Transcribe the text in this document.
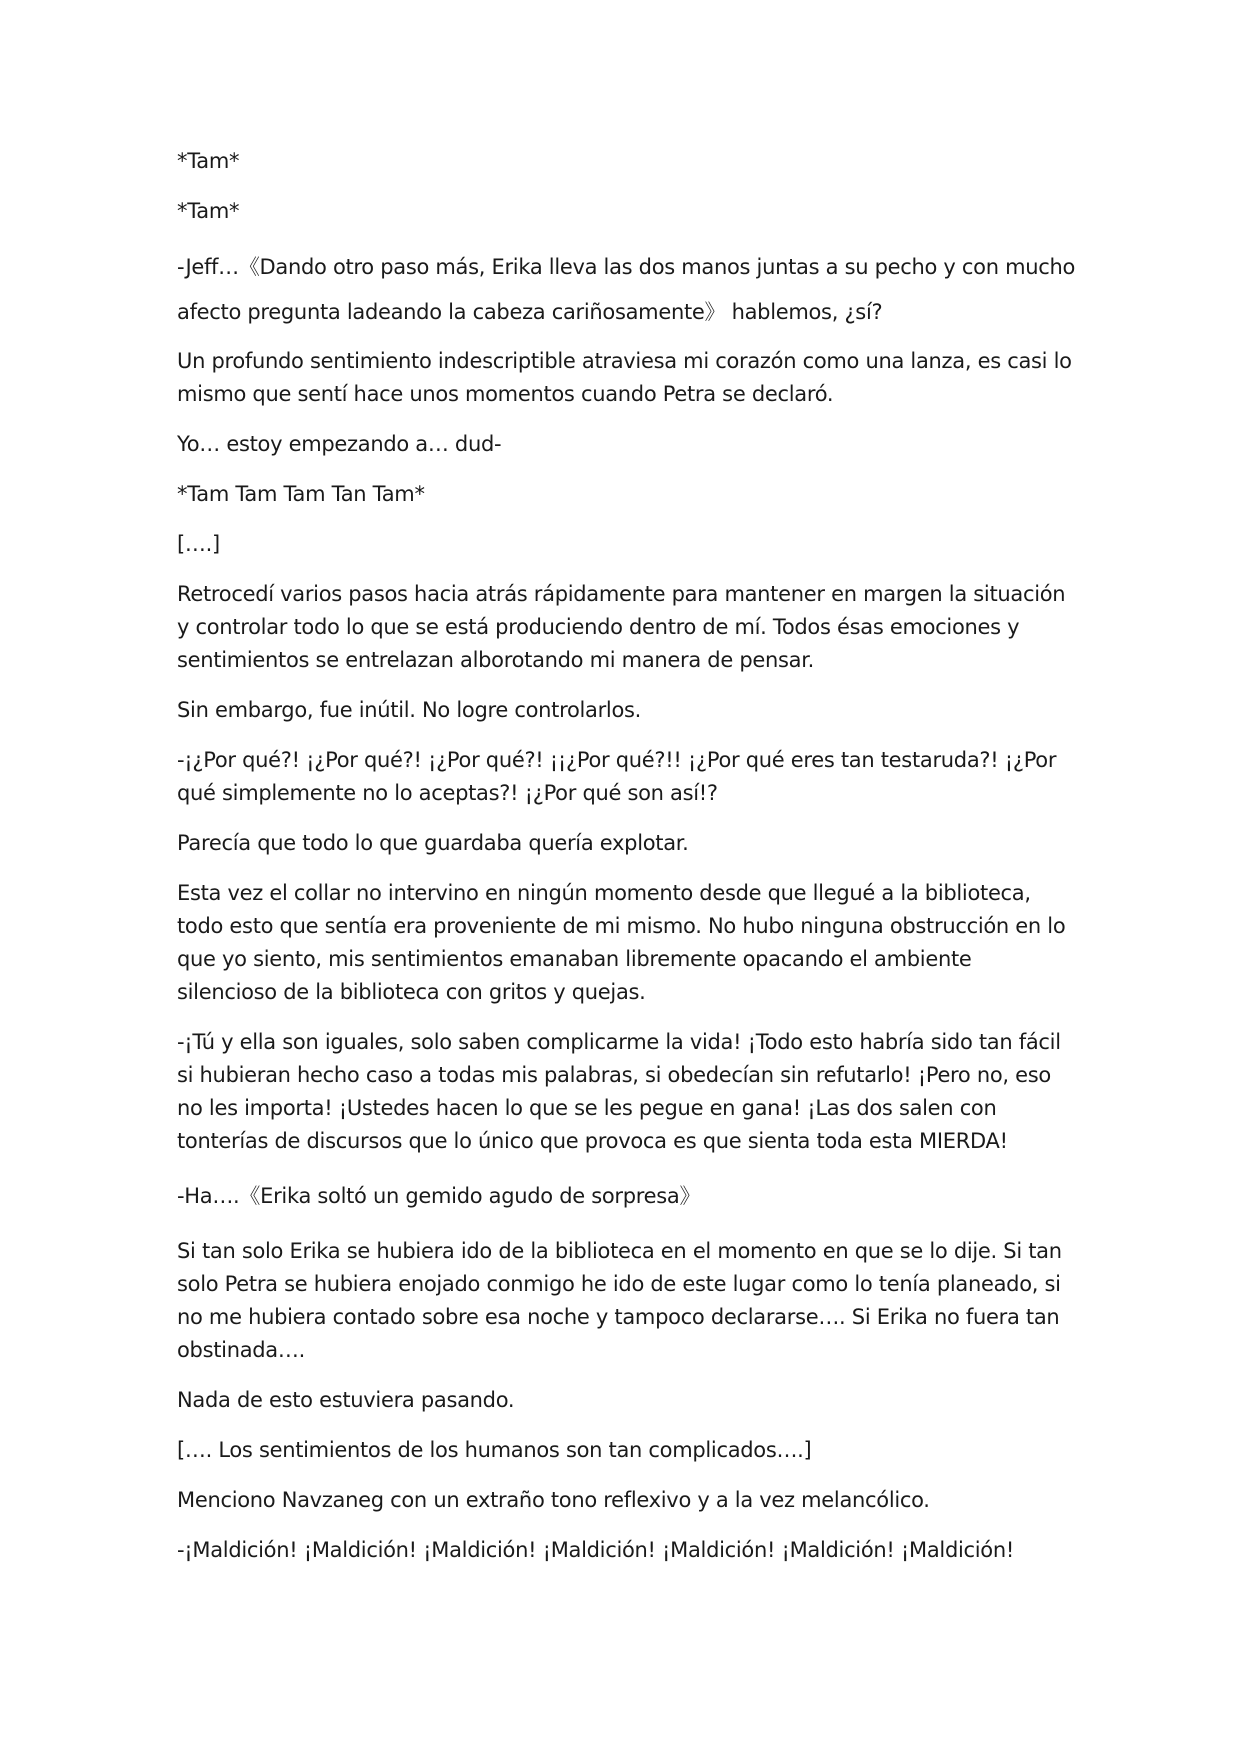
*Tam*

*Tam*

-Jeff…《Dando otro paso más, Erika lleva las dos manos juntas a su pecho y con mucho afecto pregunta ladeando la cabeza cariñosamente》 hablemos, ¿sí?

Un profundo sentimiento indescriptible atraviesa mi corazón como una lanza, es casi lo mismo que sentí hace unos momentos cuando Petra se declaró.

Yo… estoy empezando a… dud-

*Tam Tam Tam Tan Tam*

[….]

Retrocedí varios pasos hacia atrás rápidamente para mantener en margen la situación y controlar todo lo que se está produciendo dentro de mí. Todos ésas emociones y sentimientos se entrelazan alborotando mi manera de pensar.

Sin embargo, fue inútil. No logre controlarlos.

-¡¿Por qué?! ¡¿Por qué?! ¡¿Por qué?! ¡¡¿Por qué?!! ¡¿Por qué eres tan testaruda?! ¡¿Por qué simplemente no lo aceptas?! ¡¿Por qué son así!?

Parecía que todo lo que guardaba quería explotar.

Esta vez el collar no intervino en ningún momento desde que llegué a la biblioteca, todo esto que sentía era proveniente de mi mismo. No hubo ninguna obstrucción en lo que yo siento, mis sentimientos emanaban libremente opacando el ambiente silencioso de la biblioteca con gritos y quejas.

-¡Tú y ella son iguales, solo saben complicarme la vida! ¡Todo esto habría sido tan fácil si hubieran hecho caso a todas mis palabras, si obedecían sin refutarlo! ¡Pero no, eso no les importa! ¡Ustedes hacen lo que se les pegue en gana! ¡Las dos salen con tonterías de discursos que lo único que provoca es que sienta toda esta MIERDA!

-Ha….《Erika soltó un gemido agudo de sorpresa》

Si tan solo Erika se hubiera ido de la biblioteca en el momento en que se lo dije. Si tan solo Petra se hubiera enojado conmigo he ido de este lugar como lo tenía planeado, si no me hubiera contado sobre esa noche y tampoco declararse…. Si Erika no fuera tan obstinada….

Nada de esto estuviera pasando.

[…. Los sentimientos de los humanos son tan complicados….]

Menciono Navzaneg con un extraño tono reflexivo y a la vez melancólico.

-¡Maldición! ¡Maldición! ¡Maldición! ¡Maldición! ¡Maldición! ¡Maldición! ¡Maldición!
